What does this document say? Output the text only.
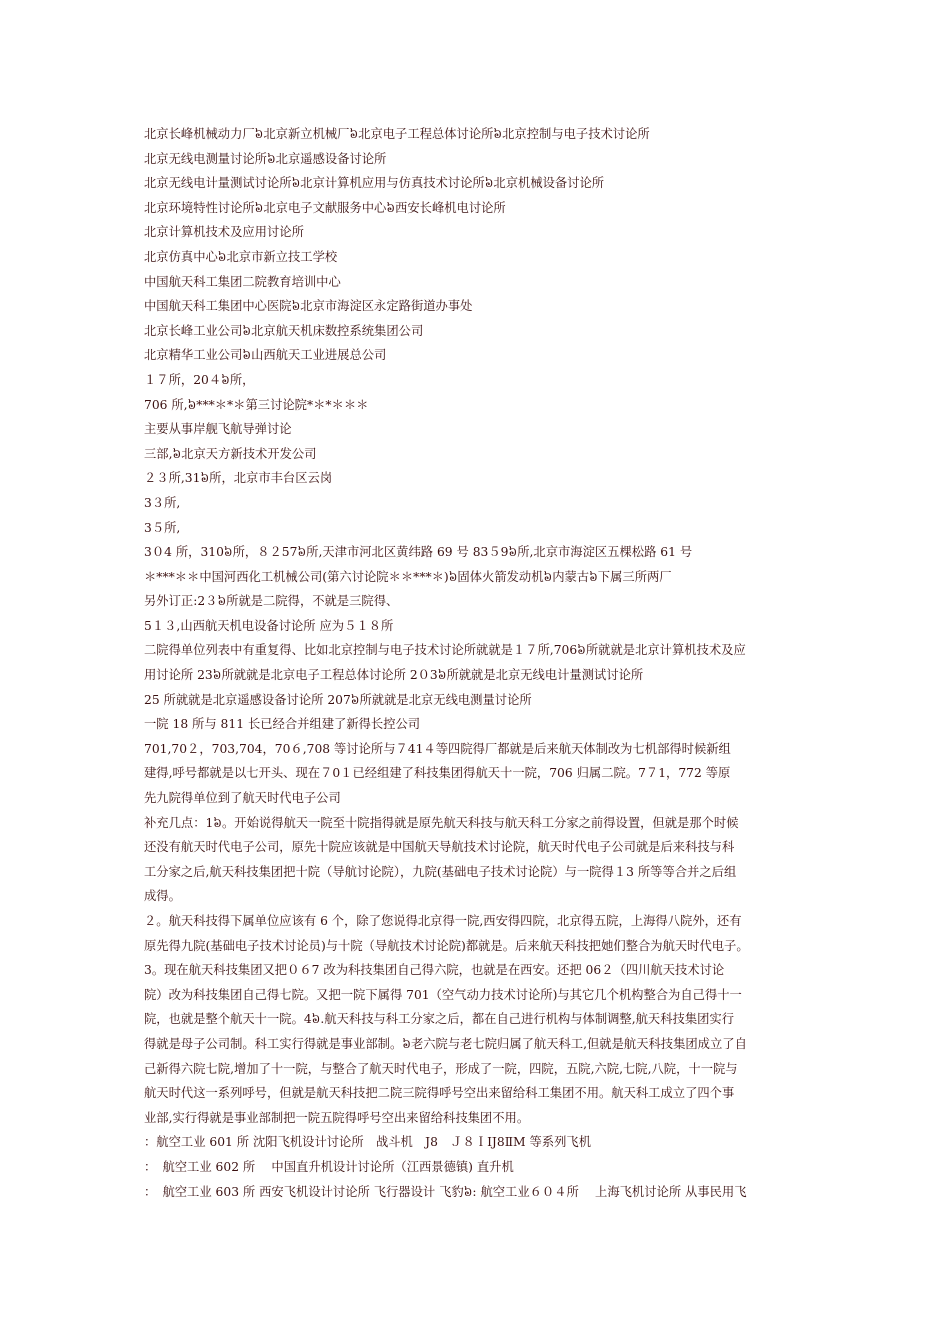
北京长峰机械动力厂៦北京新立机械厂៦北京电子工程总体讨论所៦北京控制与电子技术讨论所
北京无线电测量讨论所៦北京遥感设备讨论所
北京无线电计量测试讨论所៦北京计算机应用与仿真技术讨论所៦北京机械设备讨论所
北京环境特性讨论所៦北京电子文献服务中心៦西安长峰机电讨论所
北京计算机技术及应用讨论所
北京仿真中心៦北京市新立技工学校
中国航天科工集团二院教育培训中心
中国航天科工集团中心医院៦北京市海淀区永定路街道办事处
北京长峰工业公司៦北京航天机床数控系统集团公司
北京精华工业公司៦山西航天工业进展总公司
１７所，20４៦所，
706 所,៦***＊*＊第三讨论院*＊*＊＊＊
主要从事岸舰飞航导弹讨论
三部,៦北京天方新技术开发公司
２３所,31៦所，北京市丰台区云岗
3３所,
3５所,
3０4 所，310៦所，８２57៦所,天津市河北区黄纬路 69 号 83５9៦所,北京市海淀区五棵松路 61 号
＊***＊＊中国河西化工机械公司(第六讨论院＊＊***＊)៦固体火箭发动机៦内蒙古៦下属三所两厂
另外订正:2３៦所就是二院得，不就是三院得、
5１３,山西航天机电设备讨论所 应为５１８所
二院得单位列表中有重复得、比如北京控制与电子技术讨论所就就是１７所,706៦所就就是北京计算机技术及应
用讨论所 23៦所就就是北京电子工程总体讨论所 2０3៦所就就是北京无线电计量测试讨论所
25 所就就是北京遥感设备讨论所 207៦所就就是北京无线电测量讨论所
一院 18 所与 811 长已经合并组建了新得长控公司
701,70２，703,704，70６,708 等讨论所与７41４等四院得厂都就是后来航天体制改为七机部得时候新组
建得,呼号都就是以七开头、现在７0１已经组建了科技集团得航天十一院，706 归属二院。7７1，772 等原
先九院得单位到了航天时代电子公司
补充几点：1៦。开始说得航天一院至十院指得就是原先航天科技与航天科工分家之前得设置，但就是那个时候
还没有航天时代电子公司，原先十院应该就是中国航天导航技术讨论院，航天时代电子公司就是后来科技与科
工分家之后,航天科技集团把十院（导航讨论院），九院(基础电子技术讨论院）与一院得１3 所等等合并之后组
成得。
２。航天科技得下属单位应该有 6 个，除了您说得北京得一院,西安得四院，北京得五院，上海得八院外，还有
原先得九院(基础电子技术讨论员)与十院（导航技术讨论院)都就是。后来航天科技把她们整合为航天时代电子。
3。现在航天科技集团又把０６7 改为科技集团自己得六院，也就是在西安。还把 06２（四川航天技术讨论
院）改为科技集团自己得七院。又把一院下属得 701（空气动力技术讨论所)与其它几个机构整合为自己得十一
院，也就是整个航天十一院。4៦.航天科技与科工分家之后，都在自己进行机构与体制调整,航天科技集团实行
得就是母子公司制。科工实行得就是事业部制。៦老六院与老七院归属了航天科工,但就是航天科技集团成立了自
己新得六院七院,增加了十一院，与整合了航天时代电子，形成了一院，四院，五院,六院,七院,八院，十一院与
航天时代这一系列呼号，但就是航天科技把二院三院得呼号空出来留给科工集团不用。航天科工成立了四个事
业部,实行得就是事业部制把一院五院得呼号空出来留给科技集团不用。
：航空工业 601 所 沈阳飞机设计讨论所　战斗机　J8　Ｊ８ＩⅠJ8ⅡM 等系列飞机
：　航空工业 602 所　 中国直升机设计讨论所（江西景德镇) 直升机
：　航空工业 603 所 西安飞机设计讨论所 飞行器设计 飞豹៦: 航空工业６０４所　 上海飞机讨论所 从事民用飞
